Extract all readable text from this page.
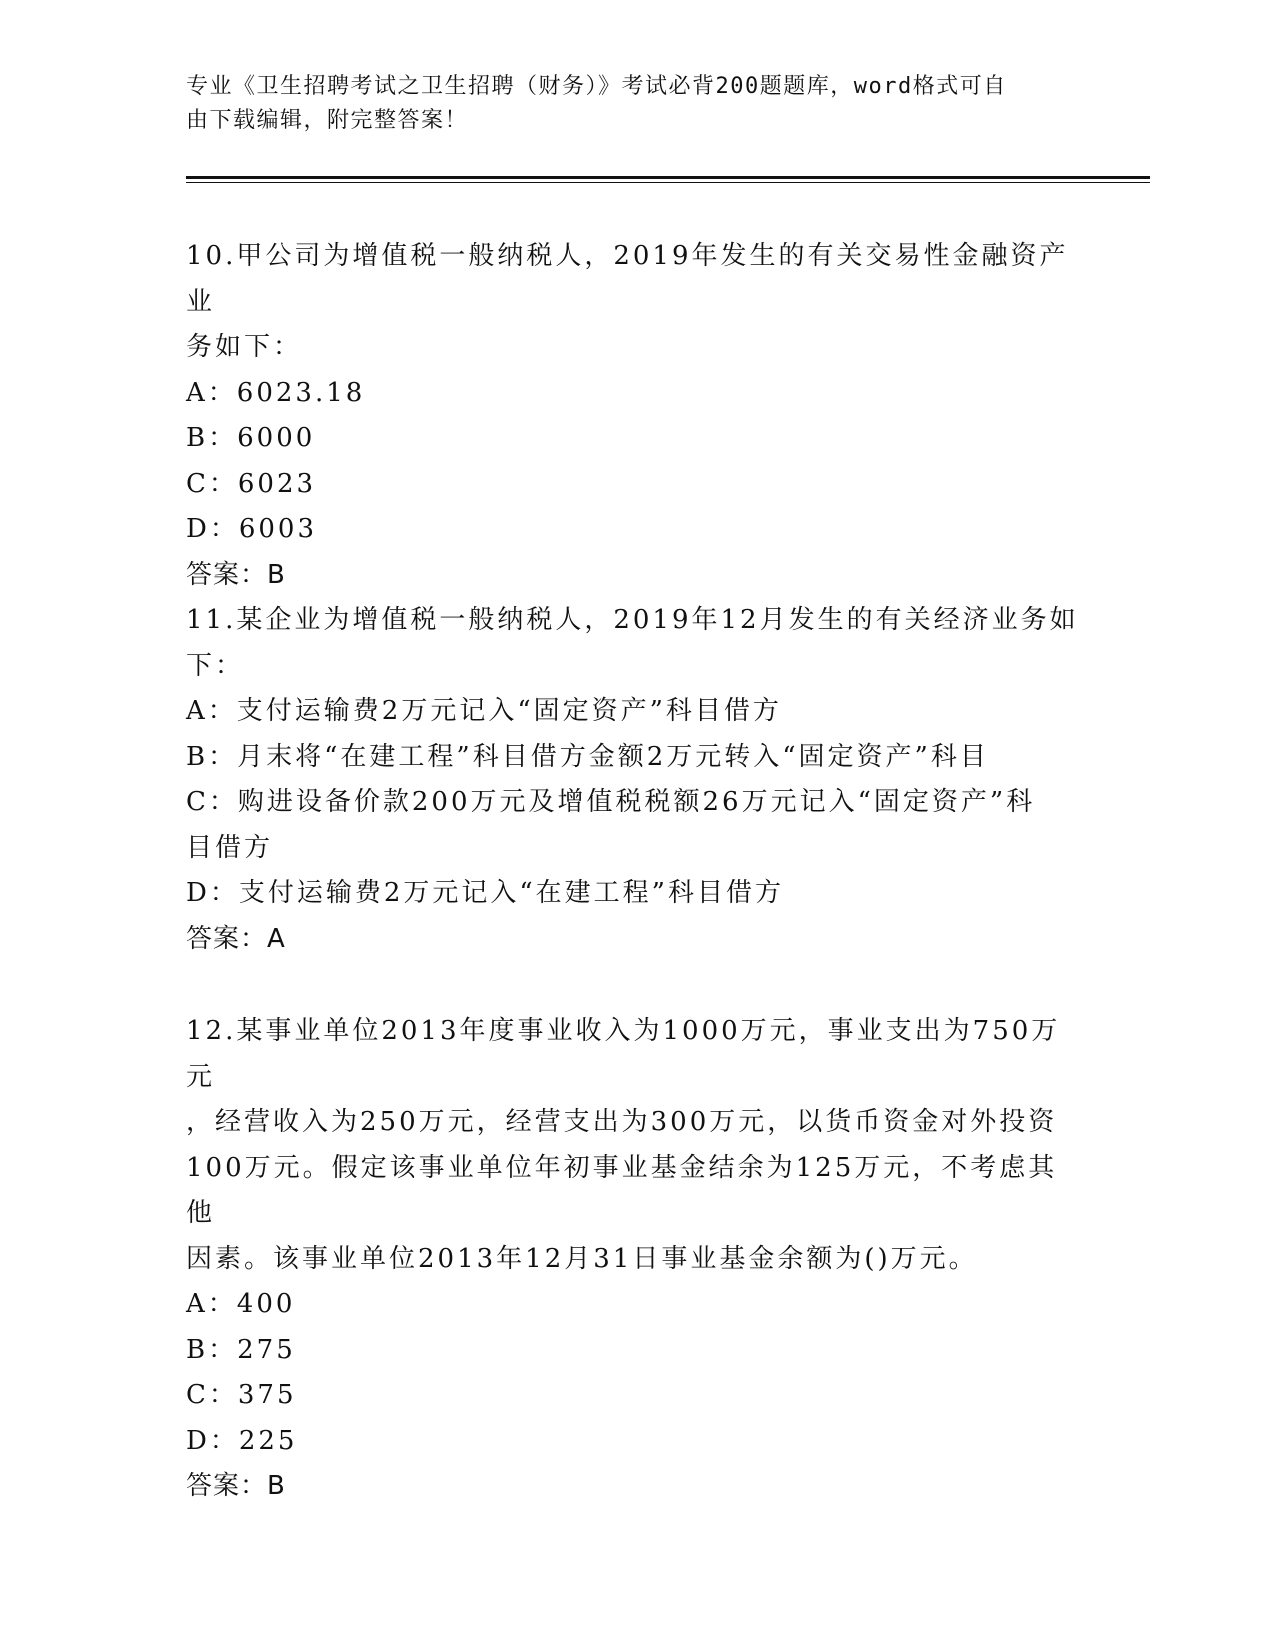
专业《卫生招聘考试之卫生招聘（财务）》考试必背200题题库，word格式可自
由下载编辑，附完整答案！

10.甲公司为增值税一般纳税人，2019年发生的有关交易性金融资产业

务如下：

A：6023.18

B：6000

C：6023

D：6003

答案：B

11.某企业为增值税一般纳税人，2019年12月发生的有关经济业务如

下：

A：支付运输费2万元记入“固定资产”科目借方

B：月末将“在建工程”科目借方金额2万元转入“固定资产”科目

C：购进设备价款200万元及增值税税额26万元记入“固定资产”科

目借方

D：支付运输费2万元记入“在建工程”科目借方

答案：A

12.某事业单位2013年度事业收入为1000万元，事业支出为750万元

，经营收入为250万元，经营支出为300万元，以货币资金对外投资

100万元。假定该事业单位年初事业基金结余为125万元，不考虑其他

因素。该事业单位2013年12月31日事业基金余额为()万元。

A：400

B：275

C：375

D：225

答案：B
